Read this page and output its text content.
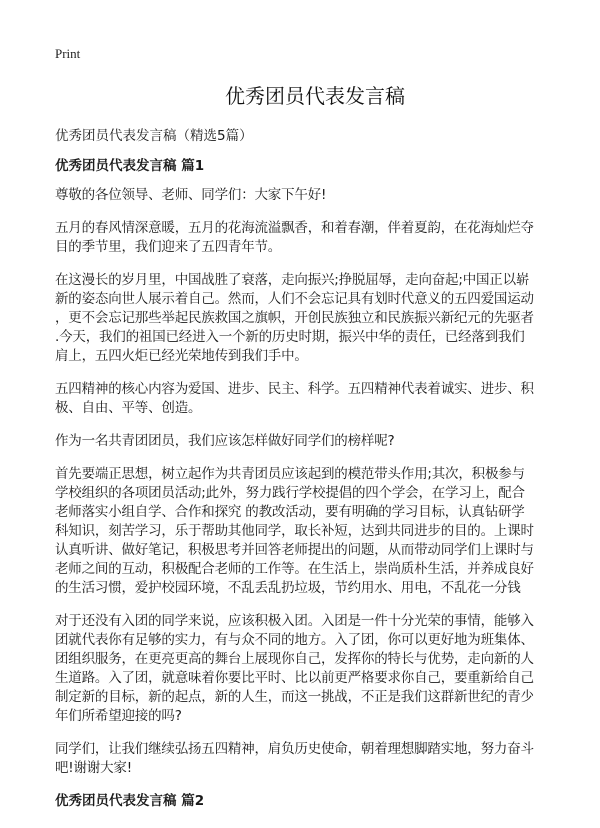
Print
优秀团员代表发言稿
优秀团员代表发言稿（精选5篇）
优秀团员代表发言稿 篇1
尊敬的各位领导、老师、同学们：大家下午好!
五月的春风情深意暖，五月的花海流溢飘香，和着春潮，伴着夏韵，在花海灿烂夺
目的季节里，我们迎来了五四青年节。
在这漫长的岁月里，中国战胜了衰落，走向振兴;挣脱屈辱，走向奋起;中国正以崭
新的姿态向世人展示着自己。然而，人们不会忘记具有划时代意义的五四爱国运动
，更不会忘记那些举起民族救国之旗帜，开创民族独立和民族振兴新纪元的先驱者
.今天，我们的祖国已经进入一个新的历史时期，振兴中华的责任，已经落到我们
肩上，五四火炬已经光荣地传到我们手中。
五四精神的核心内容为爱国、进步、民主、科学。五四精神代表着诚实、进步、积
极、自由、平等、创造。
作为一名共青团团员，我们应该怎样做好同学们的榜样呢?
首先要端正思想，树立起作为共青团员应该起到的模范带头作用;其次，积极参与
学校组织的各项团员活动;此外，努力践行学校提倡的四个学会，在学习上，配合
老师落实小组自学、合作和探究 的教改活动，要有明确的学习目标，认真钻研学
科知识，刻苦学习，乐于帮助其他同学，取长补短，达到共同进步的目的。上课时
认真听讲、做好笔记，积极思考并回答老师提出的问题，从而带动同学们上课时与
老师之间的互动，积极配合老师的工作等。在生活上，崇尚质朴生活，并养成良好
的生活习惯，爱护校园环境，不乱丢乱扔垃圾，节约用水、用电，不乱花一分钱
对于还没有入团的同学来说，应该积极入团。入团是一件十分光荣的事情，能够入
团就代表你有足够的实力，有与众不同的地方。入了团，你可以更好地为班集体、
团组织服务，在更亮更高的舞台上展现你自己，发挥你的特长与优势，走向新的人
生道路。入了团，就意味着你要比平时、比以前更严格要求你自己，要重新给自己
制定新的目标，新的起点，新的人生，而这一挑战，不正是我们这群新世纪的青少
年们所希望迎接的吗?
同学们，让我们继续弘扬五四精神，肩负历史使命，朝着理想脚踏实地，努力奋斗
吧!谢谢大家!
优秀团员代表发言稿 篇2
